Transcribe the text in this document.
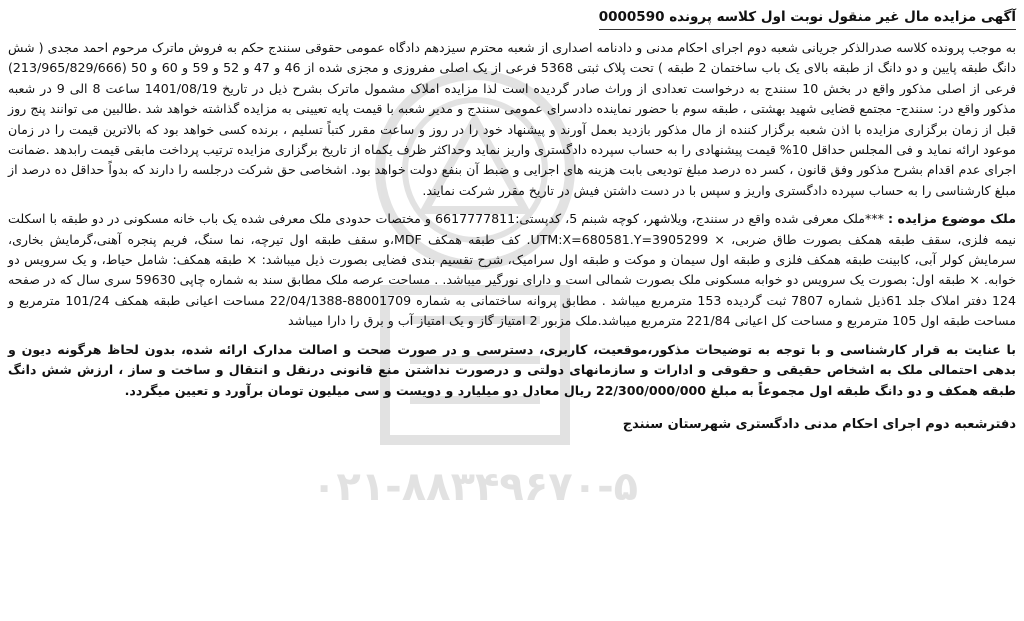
۰۲۱-۸۸۳۴۹۶۷۰-۵
آگهی مزایده مال غیر منقول نوبت اول کلاسه پرونده 0000590

به موجب پرونده کلاسه صدرالذکر جریانی شعبه دوم اجرای احکام مدنی و دادنامه اصداری از شعبه محترم سیزدهم دادگاه عمومی حقوقی سنندج حکم به فروش ماترک مرحوم احمد مجدی ( شش دانگ طبقه پایین و دو دانگ از طبقه بالای یک باب ساختمان 2 طبقه ) تحت پلاک ثبتی 5368 فرعی از یک اصلی مفروزی و مجزی شده از 46 و 47 و 52 و 59 و 60 و 50 (213/965/829/666) فرعی از اصلی مذکور واقع در بخش 10 سنندج به درخواست تعدادی از وراث صادر گردیده است لذا مزایده املاک مشمول ماترک بشرح ذیل در تاریخ 1401/08/19 ساعت 8 الی 9 در شعبه مذکور واقع در: سنندج- مجتمع قضایی شهید بهشتی ، طبقه سوم با حضور نماینده دادسرای عمومی سنندج و مدیر شعبه با قیمت پایه تعیینی به مزایده گذاشته خواهد شد .طالبین می توانند پنج روز قبل از زمان برگزاری مزایده با اذن شعبه برگزار کننده از مال مذکور بازدید بعمل آورند و پیشنهاد خود را در روز و ساعت مقرر کتباً تسلیم ، برنده کسی خواهد بود که بالاترین قیمت را در زمان موعود ارائه نماید و فی المجلس حداقل 10% قیمت پیشنهادی را به حساب سپرده دادگستری واریز نماید وحداکثر ظرف یکماه از تاریخ برگزاری مزایده ترتیب پرداخت مابقی قیمت رابدهد .ضمانت اجرای عدم اقدام بشرح مذکور وفق قانون ، کسر ده درصد مبلغ تودیعی بابت هزینه های اجرایی و ضبط آن بنفع دولت خواهد بود. اشخاصی حق شرکت درجلسه را دارند که بدواً حداقل ده درصد از مبلغ کارشناسی را به حساب سپرده دادگستری واریز و سپس با در دست داشتن فیش در تاریخ مقرر شرکت نمایند.

ملک موضوع مزایده : ***ملک معرفی شده واقع در سنندج، ویلاشهر، کوچه شبنم 5، کدپستی:6617777811 و مختصات حدودی ملک معرفی شده یک باب خانه مسکونی در دو طبقه با اسکلت نیمه فلزی، سقف طبقه همکف بصورت طاق ضربی، × UTM:X=680581.Y=3905299. کف طبقه همکف MDF،و سقف طبقه اول تیرچه، نما سنگ، فریم پنجره آهنی،گرمایش بخاری، سرمایش کولر آبی، کابینت طبقه همکف فلزی و طبقه اول سیمان و موکت و طبقه اول سرامیک، شرح تقسیم بندی فضایی بصورت ذیل میباشد: × طبقه همکف: شامل حیاط، و یک سرویس دو خوابه. × طبقه اول: بصورت یک سرویس دو خوابه مسکونی ملک بصورت شمالی است و دارای نورگیر میباشد. . مساحت عرصه ملک مطابق سند به شماره چاپی 59630 سری سال که در صفحه 124 دفتر املاک جلد 61ذیل شماره 7807 ثبت گردیده 153 مترمربع میباشد . مطابق پروانه ساختمانی به شماره 88001709-22/04/1388 مساحت اعیانی طبقه همکف 101/24 مترمربع و مساحت طبقه اول 105 مترمربع و مساحت کل اعیانی 221/84 مترمربع میباشد.ملک مزبور 2 امتیاز گاز و یک امتیاز آب و برق را دارا میباشد

با عنایت به قرار کارشناسی و با توجه به توضیحات مذکور،موقعیت، کاربری، دسترسی و در صورت صحت و اصالت مدارک ارائه شده، بدون لحاظ هرگونه دیون و بدهی احتمالی ملک به اشخاص حقیقی و حقوقی و ادارات و سازمانهای دولتی و درصورت نداشتن منع قانونی درنقل و انتقال و ساخت و ساز ، ارزش شش دانگ طبقه همکف و دو دانگ طبقه اول مجموعاً به مبلغ 22/300/000/000 ریال معادل دو میلیارد و دویست و سی میلیون تومان برآورد و تعیین میگردد.

دفترشعبه دوم اجرای احکام مدنی دادگستری شهرستان سنندج
